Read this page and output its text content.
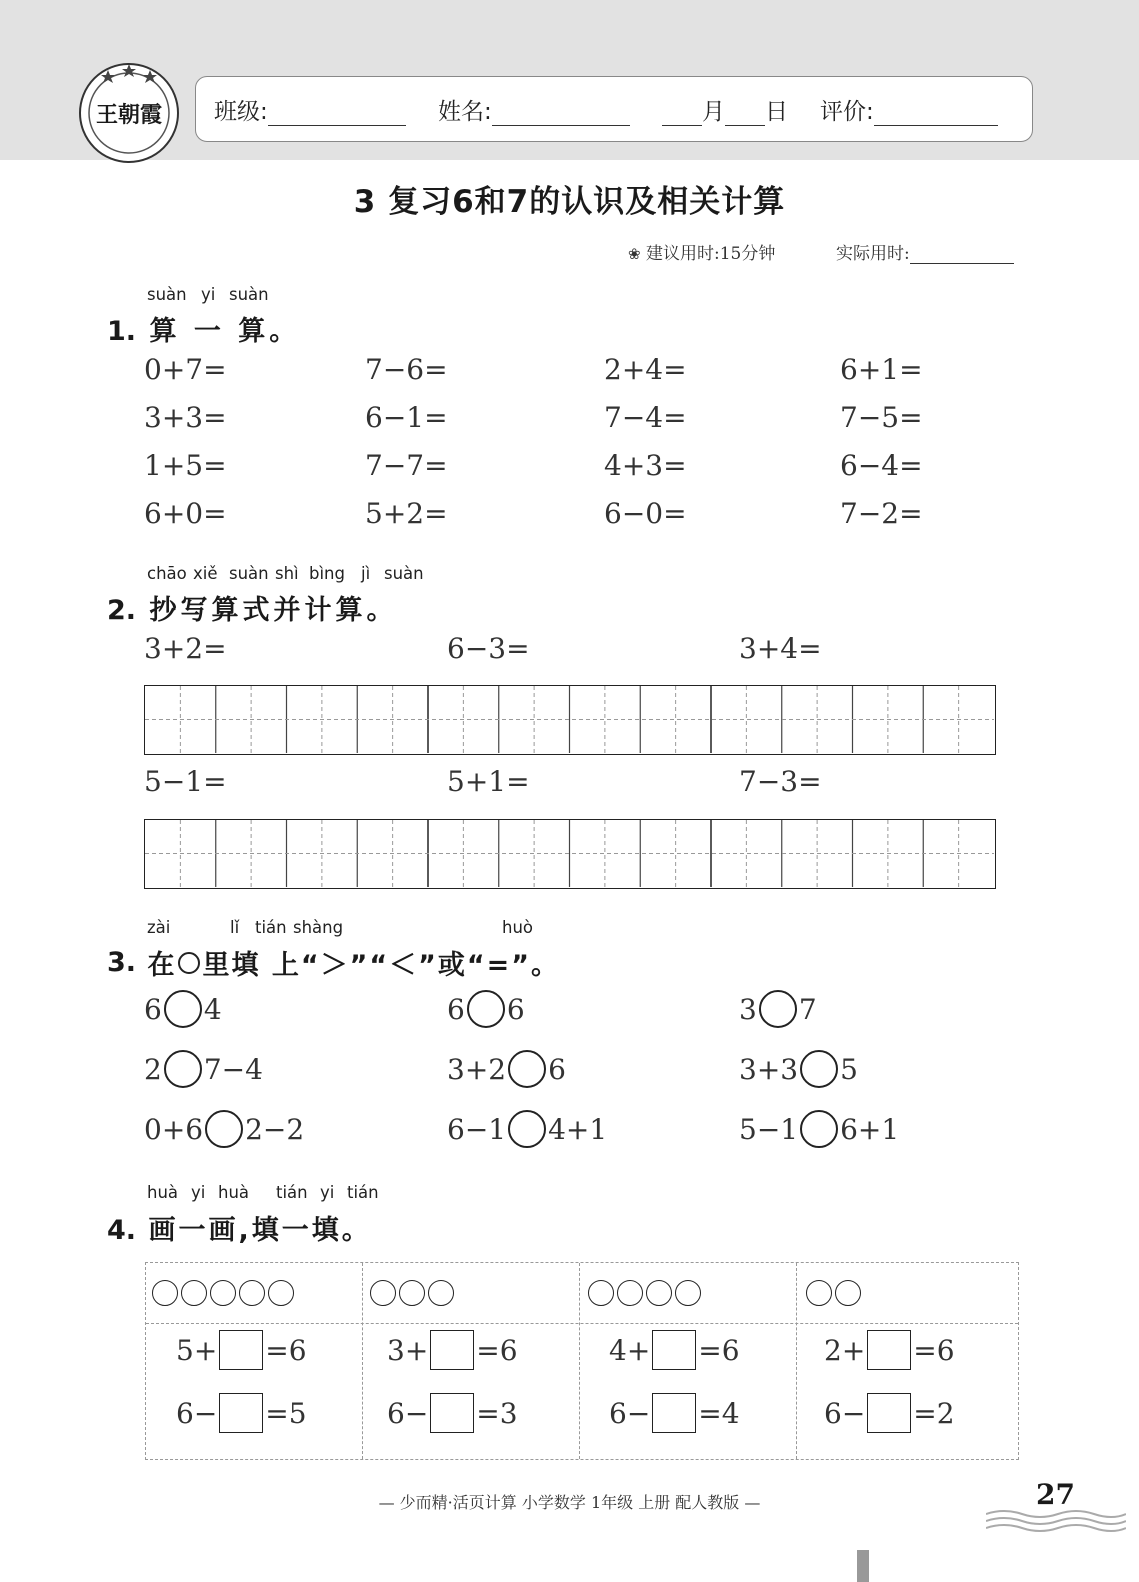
王朝霞	班级:	姓名:	月 日 评价:
3 复习6和7的认识及相关计算
❀ 建议用时:15分钟	实际用时:
suàn yi suàn
1. 算 一 算。
0+7=	7−6=	2+4=	6+1=
3+3=	6−1=	7−4=	7−5=
1+5=	7−7=	4+3=	6−4=
6+0=	5+2=	6−0=	7−2=
chāo xiě suàn shì bìng jì suàn
2. 抄写算式并计算。
3+2=	6−3=	3+4=
5−1=	5+1=	7−3=
zài	lǐ tián shàng	huò
3.
在 里填 上“＞”“＜”或“=”。
6 4	6 6	3 7
2 7−4	3+2 6	3+3 5
0+6 2−2	6−1 4+1	5−1 6+1
huà yi huà tián yi tián
4. 画一画,填一填。
5+ =6	3+ =6	4+ =6	2+ =6
6− =5	6− =3	6− =4	6− =2
— 少而精·活页计算 小学数学 1年级 上册 配人教版 —	27
